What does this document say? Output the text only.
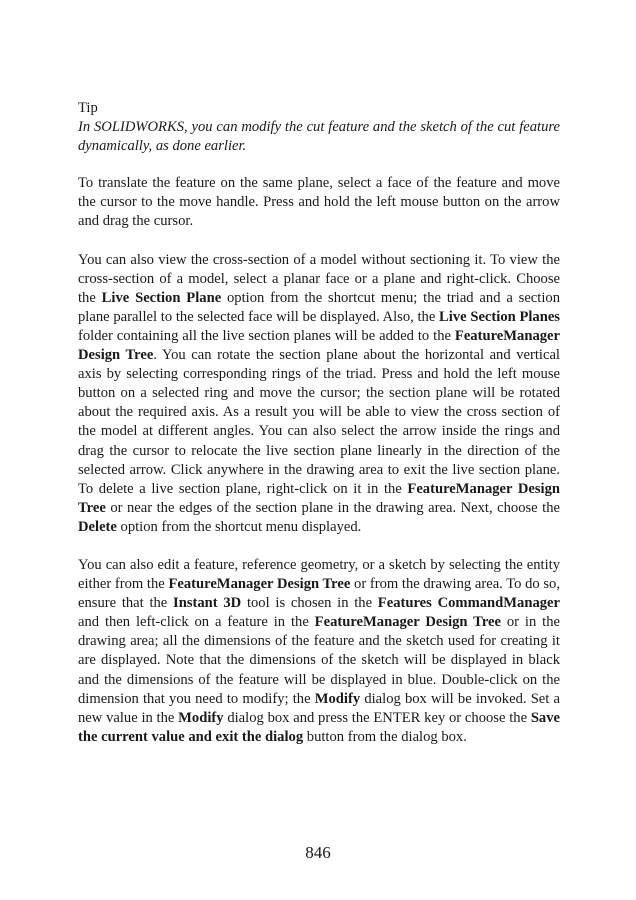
Tip

In SOLIDWORKS, you can modify the cut feature and the sketch of the cut feature dynamically, as done earlier.

To translate the feature on the same plane, select a face of the feature and move the cursor to the move handle. Press and hold the left mouse button on the arrow and drag the cursor.

You can also view the cross-section of a model without sectioning it. To view the cross-section of a model, select a planar face or a plane and right-click. Choose the Live Section Plane option from the shortcut menu; the triad and a section plane parallel to the selected face will be displayed. Also, the Live Section Planes folder containing all the live section planes will be added to the FeatureManager Design Tree. You can rotate the section plane about the horizontal and vertical axis by selecting corresponding rings of the triad. Press and hold the left mouse button on a selected ring and move the cursor; the section plane will be rotated about the required axis. As a result you will be able to view the cross section of the model at different angles. You can also select the arrow inside the rings and drag the cursor to relocate the live section plane linearly in the direction of the selected arrow. Click anywhere in the drawing area to exit the live section plane. To delete a live section plane, right-click on it in the FeatureManager Design Tree or near the edges of the section plane in the drawing area. Next, choose the Delete option from the shortcut menu displayed.

You can also edit a feature, reference geometry, or a sketch by selecting the entity either from the FeatureManager Design Tree or from the drawing area. To do so, ensure that the Instant 3D tool is chosen in the Features CommandManager and then left-click on a feature in the FeatureManager Design Tree or in the drawing area; all the dimensions of the feature and the sketch used for creating it are displayed. Note that the dimensions of the sketch will be displayed in black and the dimensions of the feature will be displayed in blue. Double-click on the dimension that you need to modify; the Modify dialog box will be invoked. Set a new value in the Modify dialog box and press the ENTER key or choose the Save the current value and exit the dialog button from the dialog box.

846
